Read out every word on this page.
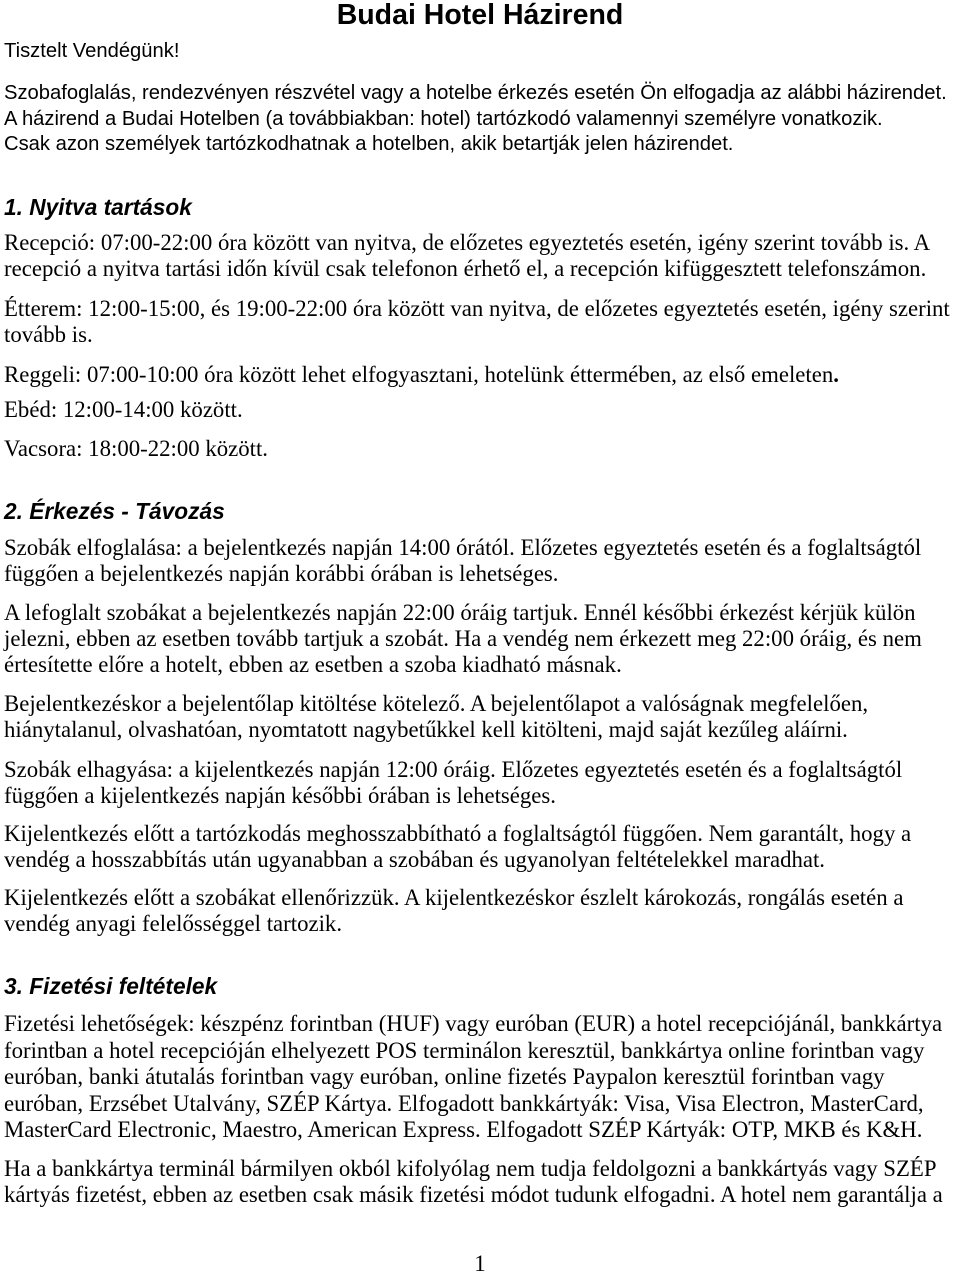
Budai Hotel Házirend
Tisztelt Vendégünk!
Szobafoglalás, rendezvényen részvétel vagy a hotelbe érkezés esetén Ön elfogadja az alábbi házirendet.
A házirend a Budai Hotelben (a továbbiakban: hotel) tartózkodó valamennyi személyre vonatkozik.
Csak azon személyek tartózkodhatnak a hotelben, akik betartják jelen házirendet.
1. Nyitva tartások
Recepció: 07:00-22:00 óra között van nyitva, de előzetes egyeztetés esetén, igény szerint tovább is. A
recepció a nyitva tartási időn kívül csak telefonon érhető el, a recepción kifüggesztett telefonszámon.
Étterem: 12:00-15:00, és 19:00-22:00 óra között van nyitva, de előzetes egyeztetés esetén, igény szerint
tovább is.
Reggeli: 07:00-10:00 óra között lehet elfogyasztani, hotelünk éttermében, az első emeleten.
Ebéd: 12:00-14:00 között.
Vacsora: 18:00-22:00 között.
2. Érkezés - Távozás
Szobák elfoglalása: a bejelentkezés napján 14:00 órától. Előzetes egyeztetés esetén és a foglaltságtól
függően a bejelentkezés napján korábbi órában is lehetséges.
A lefoglalt szobákat a bejelentkezés napján 22:00 óráig tartjuk. Ennél későbbi érkezést kérjük külön
jelezni, ebben az esetben tovább tartjuk a szobát. Ha a vendég nem érkezett meg 22:00 óráig, és nem
értesítette előre a hotelt, ebben az esetben a szoba kiadható másnak.
Bejelentkezéskor a bejelentőlap kitöltése kötelező. A bejelentőlapot a valóságnak megfelelően,
hiánytalanul, olvashatóan, nyomtatott nagybetűkkel kell kitölteni, majd saját kezűleg aláírni.
Szobák elhagyása: a kijelentkezés napján 12:00 óráig. Előzetes egyeztetés esetén és a foglaltságtól
függően a kijelentkezés napján későbbi órában is lehetséges.
Kijelentkezés előtt a tartózkodás meghosszabbítható a foglaltságtól függően. Nem garantált, hogy a
vendég a hosszabbítás után ugyanabban a szobában és ugyanolyan feltételekkel maradhat.
Kijelentkezés előtt a szobákat ellenőrizzük. A kijelentkezéskor észlelt károkozás, rongálás esetén a
vendég anyagi felelősséggel tartozik.
3. Fizetési feltételek
Fizetési lehetőségek: készpénz forintban (HUF) vagy euróban (EUR) a hotel recepciójánál, bankkártya
forintban a hotel recepcióján elhelyezett POS terminálon keresztül, bankkártya online forintban vagy
euróban, banki átutalás forintban vagy euróban, online fizetés Paypalon keresztül forintban vagy
euróban, Erzsébet Utalvány, SZÉP Kártya. Elfogadott bankkártyák: Visa, Visa Electron, MasterCard,
MasterCard Electronic, Maestro, American Express. Elfogadott SZÉP Kártyák: OTP, MKB és K&H.
Ha a bankkártya terminál bármilyen okból kifolyólag nem tudja feldolgozni a bankkártyás vagy SZÉP
kártyás fizetést, ebben az esetben csak másik fizetési módot tudunk elfogadni. A hotel nem garantálja a
1
